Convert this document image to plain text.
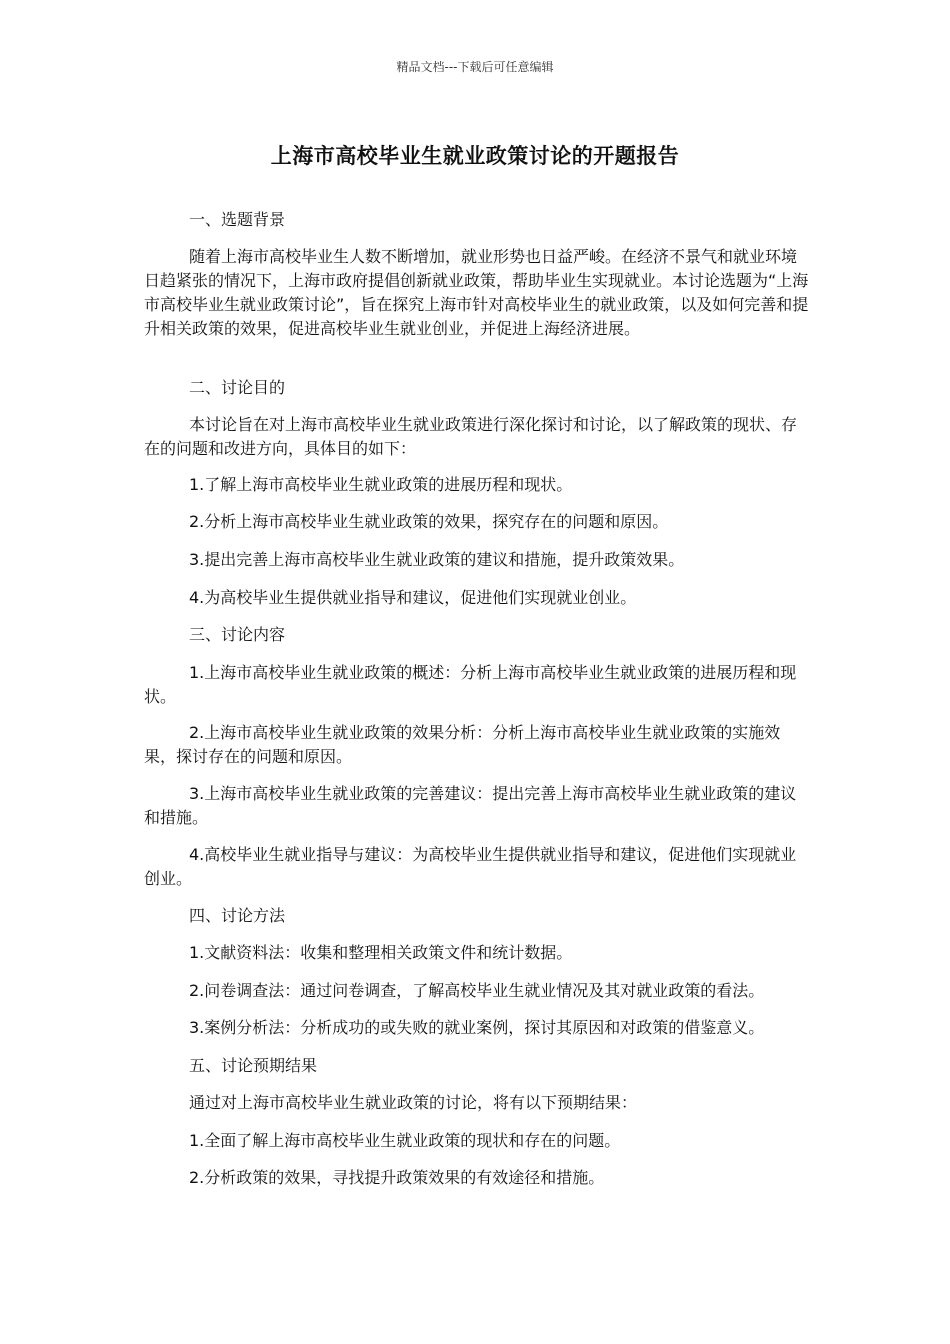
精品文档---下载后可任意编辑
上海市高校毕业生就业政策讨论的开题报告

一、选题背景

随着上海市高校毕业生人数不断增加，就业形势也日益严峻。在经济不景气和就业环境日趋紧张的情况下，上海市政府提倡创新就业政策，帮助毕业生实现就业。本讨论选题为“上海市高校毕业生就业政策讨论”，旨在探究上海市针对高校毕业生的就业政策，以及如何完善和提升相关政策的效果，促进高校毕业生就业创业，并促进上海经济进展。

二、讨论目的

本讨论旨在对上海市高校毕业生就业政策进行深化探讨和讨论，以了解政策的现状、存在的问题和改进方向，具体目的如下：

1.了解上海市高校毕业生就业政策的进展历程和现状。

2.分析上海市高校毕业生就业政策的效果，探究存在的问题和原因。

3.提出完善上海市高校毕业生就业政策的建议和措施，提升政策效果。

4.为高校毕业生提供就业指导和建议，促进他们实现就业创业。

三、讨论内容

1.上海市高校毕业生就业政策的概述：分析上海市高校毕业生就业政策的进展历程和现状。

2.上海市高校毕业生就业政策的效果分析：分析上海市高校毕业生就业政策的实施效果，探讨存在的问题和原因。

3.上海市高校毕业生就业政策的完善建议：提出完善上海市高校毕业生就业政策的建议和措施。

4.高校毕业生就业指导与建议：为高校毕业生提供就业指导和建议，促进他们实现就业创业。

四、讨论方法

1.文献资料法：收集和整理相关政策文件和统计数据。

2.问卷调查法：通过问卷调查，了解高校毕业生就业情况及其对就业政策的看法。

3.案例分析法：分析成功的或失败的就业案例，探讨其原因和对政策的借鉴意义。

五、讨论预期结果

通过对上海市高校毕业生就业政策的讨论，将有以下预期结果：

1.全面了解上海市高校毕业生就业政策的现状和存在的问题。

2.分析政策的效果，寻找提升政策效果的有效途径和措施。
